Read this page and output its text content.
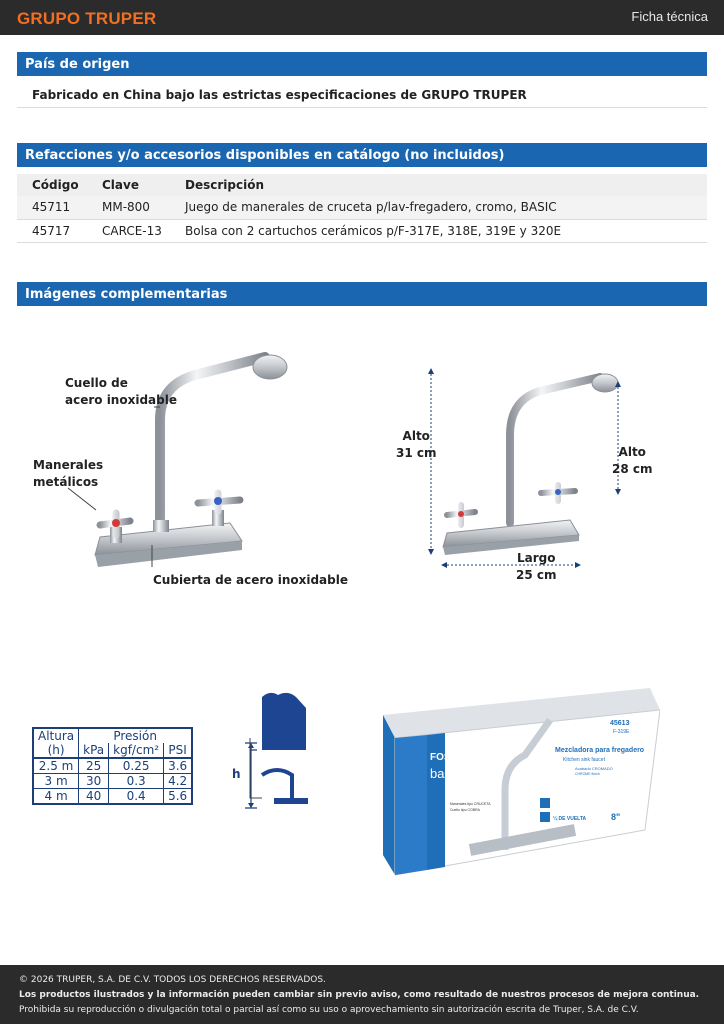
GRUPO TRUPER	Ficha técnica
País de origen
Fabricado en China bajo las estrictas especificaciones de GRUPO TRUPER
Refacciones y/o accesorios disponibles en catálogo (no incluidos)
Código	Clave	Descripción
45711	MM-800	Juego de manerales de cruceta p/lav-fregadero, cromo, BASIC
45717	CARCE-13	Bolsa con 2 cartuchos cerámicos p/F-317E, 318E, 319E y 320E
Imágenes complementarias
Cuello de
acero inoxidable
Manerales
metálicos
Cubierta de acero inoxidable
Alto
31 cm	Alto
28 cm
Largo
25 cm
Altura
(h)	Presión		
	kPa	kgf/cm²	PSI
2.5 m	25	0.25	3.6
3 m	30	0.3	4.2
4 m	40	0.4	5.6
h
FOSET
basic
45613
F-319E
Mezcladora para fregadero
Kitchen sink faucet
Acabado CROMADO
CHROME finish
Manerales tipo CRUCETA
Cuello tipo COBRA
¼ DE VUELTA	8"
© 2026 TRUPER, S.A. DE C.V. TODOS LOS DERECHOS RESERVADOS.
Los productos ilustrados y la información pueden cambiar sin previo aviso, como resultado de nuestros procesos de mejora continua.
Prohibida su reproducción o divulgación total o parcial así como su uso o aprovechamiento sin autorización escrita de Truper, S.A. de C.V.
